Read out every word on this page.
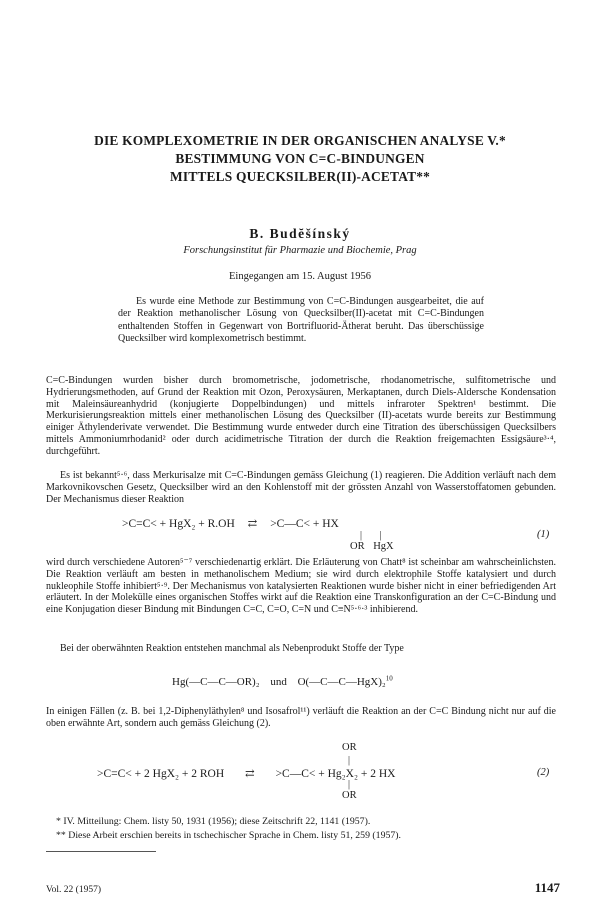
DIE KOMPLEXOMETRIE IN DER ORGANISCHEN ANALYSE V.*
BESTIMMUNG VON C=C-BINDUNGEN
MITTELS QUECKSILBER(II)-ACETAT**
B. Budĕšínský
Forschungsinstitut für Pharmazie und Biochemie, Prag
Eingegangen am 15. August 1956

Es wurde eine Methode zur Bestimmung von C=C-Bindungen ausgearbeitet, die auf der Reaktion methanolischer Lösung von Quecksilber(II)-acetat mit C=C-Bindungen enthaltenden Stoffen in Gegenwart von Bortrifluorid-Ätherat beruht. Das überschüssige Quecksilber wird komplexometrisch bestimmt.

C=C-Bindungen wurden bisher durch bromometrische, jodometrische, rhodanometrische, sulfitometrische und Hydrierungsmethoden, auf Grund der Reaktion mit Ozon, Peroxysäuren, Merkaptanen, durch Diels-Aldersche Kondensation mit Maleinsäureanhydrid (konjugierte Doppelbindungen) und mittels infraroter Spektren¹ bestimmt. Die Merkurisierungsreaktion mittels einer methanolischen Lösung des Quecksilber (II)-acetats wurde bereits zur Bestimmung einiger Äthylenderivate verwendet. Die Bestimmung wurde entweder durch eine Titration des überschüssigen Quecksilbers mittels Ammoniumrhodanid² oder durch acidimetrische Titration der durch die Reaktion freigemachten Essigsäure³·⁴, durchgeführt.

Es ist bekannt⁵·⁶, dass Merkurisalze mit C=C-Bindungen gemäss Gleichung (1) reagieren. Die Addition verläuft nach dem Markovnikovschen Gesetz, Quecksilber wird an den Kohlenstoff mit der grössten Anzahl von Wasserstoffatomen gebunden. Der Mechanismus dieser Reaktion

>C=C< + HgX₂ + R.OH ⇄ >C—C< + HX
|       |
OR HgX
(1)

wird durch verschiedene Autoren⁵⁻⁷ verschiedenartig erklärt. Die Erläuterung von Chatt⁸ ist scheinbar am wahrscheinlichsten. Die Reaktion verläuft am besten in methanolischem Medium; sie wird durch elektrophile Stoffe katalysiert und durch nukleophile Stoffe inhibiert⁵·⁹. Der Mechanismus von katalysierten Reaktionen wurde bisher nicht in einer befriedigenden Art erläutert. In der Molekülle eines organischen Stoffes wirkt auf die Reaktion eine Transkonfiguration an der C=C-Bindung und eine Konjugation dieser Bindung mit Bindungen C=C, C=O, C=N und C≡N⁵·⁶·³ inhibierend.

Bei der oberwähnten Reaktion entstehen manchmal als Nebenprodukt Stoffe der Type

Hg(—C—C—OR)₂ und O(—C—C—HgX)₂$^{10}$

In einigen Fällen (z. B. bei 1,2-Diphenyläthylen⁸ und Isosafrol¹¹) verläuft die Reaktion an der C=C Bindung nicht nur auf die oben erwähnte Art, sondern auch gemäss Gleichung (2).

OR
|
>C=C< + 2 HgX₂ + 2 ROH ⇄ >C—C< + Hg₂X₂ + 2 HX	(2)
|
OR
* IV. Mitteilung: Chem. listy 50, 1931 (1956); diese Zeitschrift 22, 1141 (1957).
** Diese Arbeit erschien bereits in tschechischer Sprache in Chem. listy 51, 259 (1957).
Vol. 22 (1957)	1147
